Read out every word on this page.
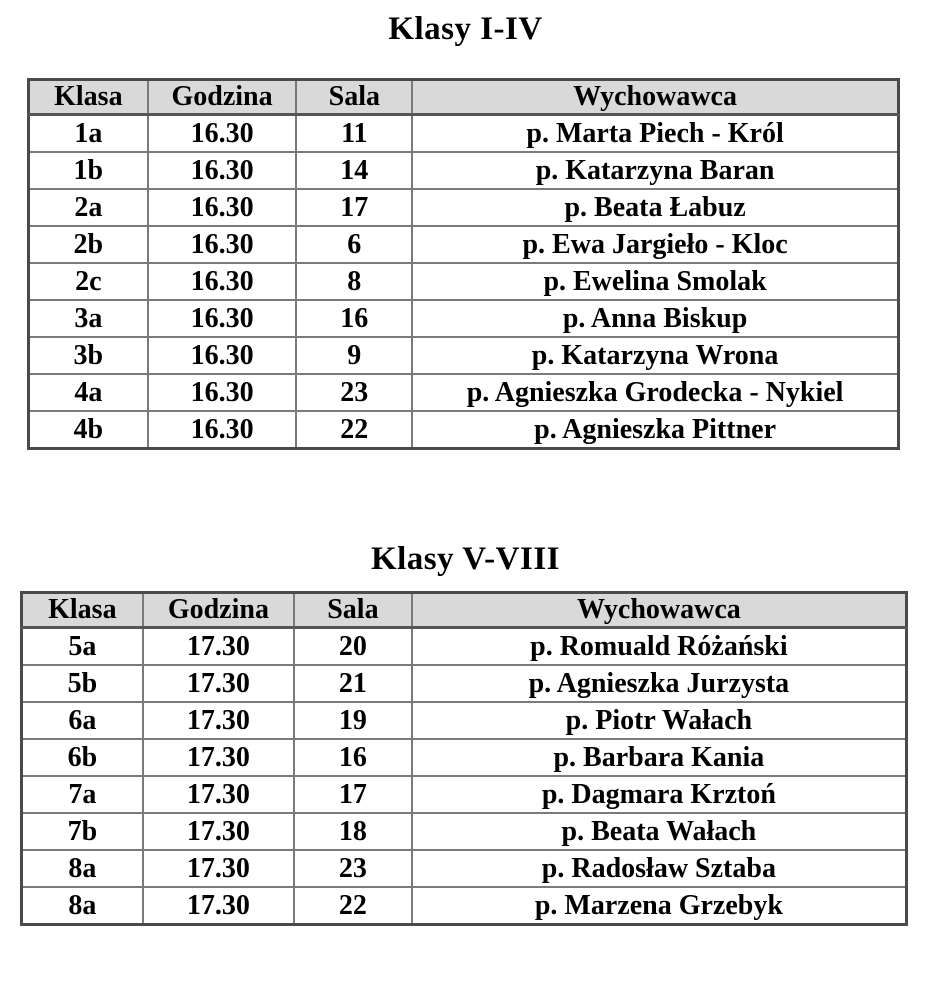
Klasy I-IV
Klasa	Godzina	Sala	Wychowawca
1a	16.30	11	p. Marta Piech - Król
1b	16.30	14	p. Katarzyna Baran
2a	16.30	17	p. Beata Łabuz
2b	16.30	6	p. Ewa Jargieło - Kloc
2c	16.30	8	p. Ewelina Smolak
3a	16.30	16	p. Anna Biskup
3b	16.30	9	p. Katarzyna Wrona
4a	16.30	23	p. Agnieszka Grodecka - Nykiel
4b	16.30	22	p. Agnieszka Pittner
Klasy V-VIII
Klasa	Godzina	Sala	Wychowawca
5a	17.30	20	p. Romuald Różański
5b	17.30	21	p. Agnieszka Jurzysta
6a	17.30	19	p. Piotr Wałach
6b	17.30	16	p. Barbara Kania
7a	17.30	17	p. Dagmara Krztoń
7b	17.30	18	p. Beata Wałach
8a	17.30	23	p. Radosław Sztaba
8a	17.30	22	p. Marzena Grzebyk
